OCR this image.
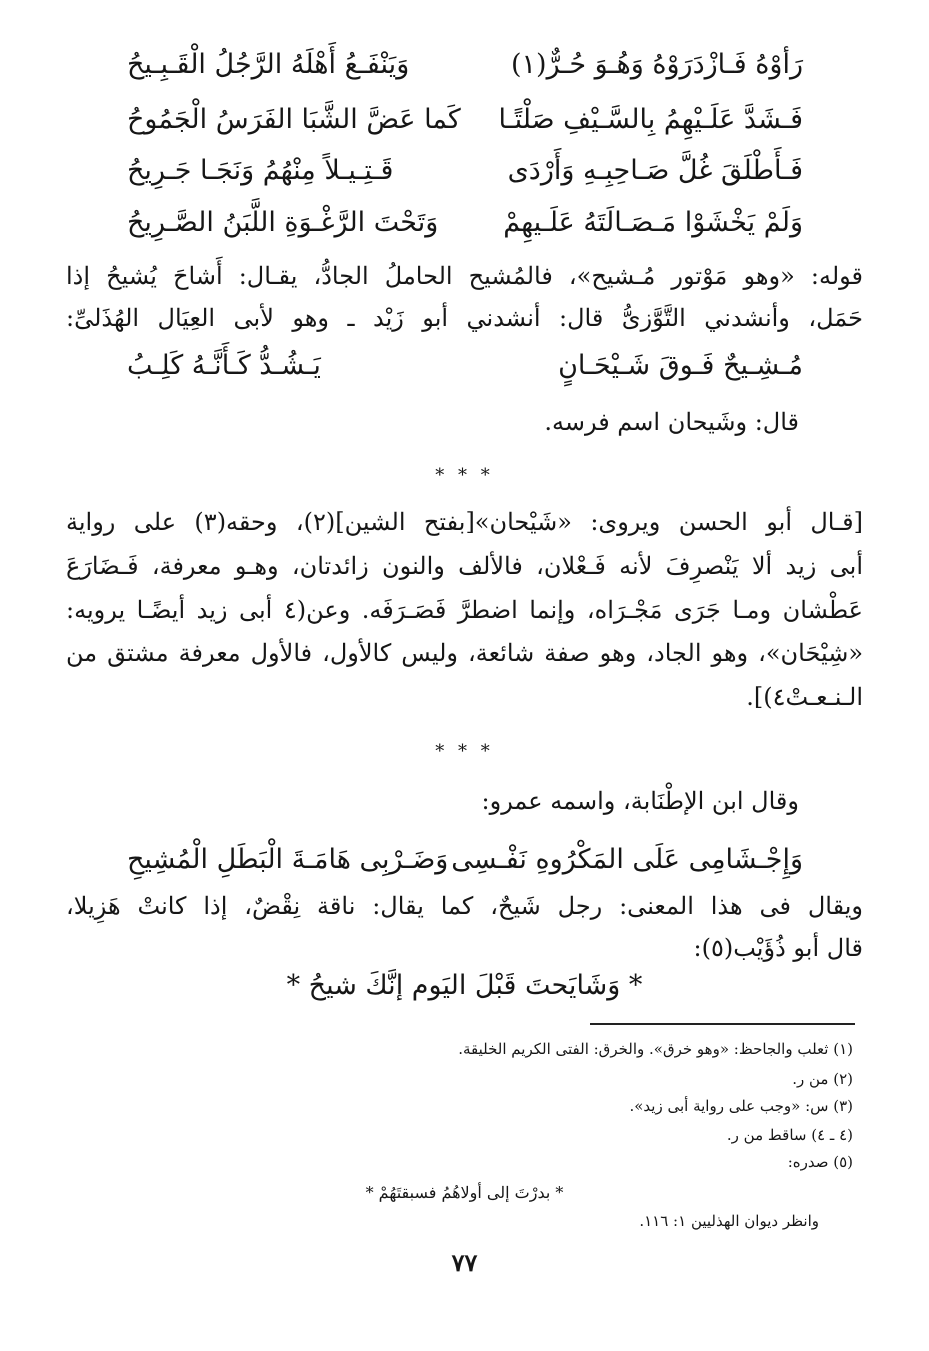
رَأوْهُ فَـازْدَرَوْهُ وَهُـوَ حُـرٌّ(١)
وَيَنْفَـعُ أَهْلَهُ الرَّجُلُ الْقَـبِـيحُ
فَـشَدَّ عَلَـيْهِمُ بِالسَّـيْفِ صَلْتًـا
كَما عَضَّ الشَّبَا الفَرَسُ الْجَمُوحُ
فَـأَطْلَقَ غُلَّ صَـاحِبِـهِ وَأَرْدَى
قَـتِـيـلاً مِنْهُمُ وَنَجَـا جَـرِيحُ
وَلَمْ يَخْشَوْا مَـصَـالَتَهُ عَلَـيهِمْ
وَتَحْتَ الرَّغْـوَةِ اللَّبَنُ الصَّـرِيحُ
قوله: «وهو مَوْتور مُـشيح»، فالمُشيح الحاملُ الجادُّ، يقـال: أَشاحَ يُشيحُ إذا
حَمَل، وأنشدني التَّوَّزىُّ قال: أنشدني أبو زَيْد ـ وهو لأبى العِيَال الهُذَلىِّ:
مُـشِـيحٌ فَـوقَ شَـيْحَـانٍ
يَـشُـدُّ كَـأَنَّـهُ كَلِـبُ
قال: وشَيحان اسم فرسه.
* * *
[قـال أبو الحسن ويروى: «شَيْحان»[بفتح الشين](٢)، وحقه(٣) على رواية
أبى زيد ألا يَنْصرِفَ لأنه فَـعْلان، فالألف والنون زائدتان، وهـو معرفة، فَـضَارَعَ
عَطْشان ومـا جَرَى مَجْـرَاه، وإنما اضطرَّ فَصَـرَفَه. وعن(٤ أبى زيد أيضًـا يرويه:
«شِيْحَان»، وهو الجاد، وهو صفة شائعة، وليس كالأول، فالأول معرفة مشتق من
الـنـعـتْ٤)].
* * *
وقال ابن الإطْنَابة، واسمه عمرو:
وَإِجْـشَامِى عَلَى المَكْرُوهِ نَفْـسِى
وَضَـرْبِى هَامَـةَ الْبَطَلِ الْمُشِيحِ
ويقال فى هذا المعنى: رجل شَيحٌ، كما يقال: ناقة نِقْضٌ، إذا كانتْ هَزِيلا،
قال أبو ذُؤَيْب(٥):
* وَشَايَحتَ قَبْلَ اليَوم إنَّكَ شيحُ *
(١) ثعلب والجاحظ: «وهو خرق». والخرق: الفتى الكريم الخليقة.
(٢) من ر.
(٣) س: «وجب على رواية أبى زيد».
(٤ ـ ٤) ساقط من ر.
(٥) صدره:
* بدرْتَ إلى أولاهُمُ فسبقتَهُمْ *
وانظر ديوان الهذليين ١: ١١٦.
٧٧
